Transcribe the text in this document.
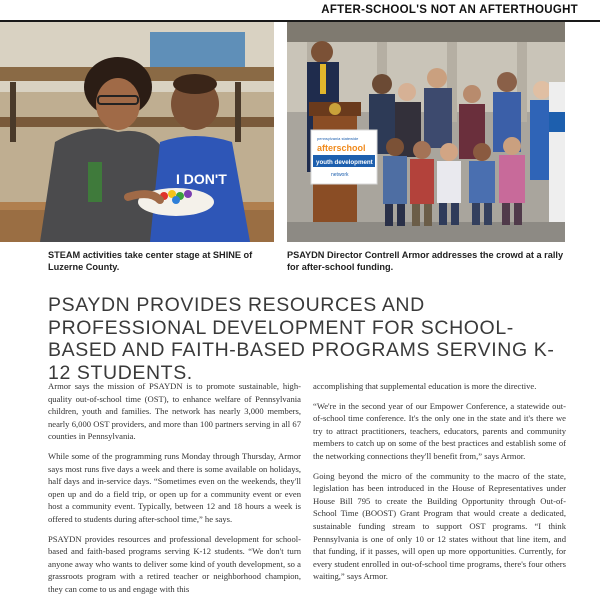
AFTER-SCHOOL'S NOT AN AFTERTHOUGHT
I DON'T
pennsylvania statewide
afterschool
youth development
network

STEAM activities take center stage at SHINE of Luzerne County.

PSAYDN Director Contrell Armor addresses the crowd at a rally for after-school funding.

PSAYDN PROVIDES RESOURCES AND PROFESSIONAL DEVELOPMENT FOR SCHOOL-BASED AND FAITH-BASED PROGRAMS SERVING K-12 STUDENTS.

Armor says the mission of PSAYDN is to promote sustainable, high-quality out-of-school time (OST), to enhance welfare of Pennsylvania children, youth and families. The network has nearly 3,000 members, nearly 6,000 OST providers, and more than 100 partners serving in all 67 counties in Pennsylvania.

While some of the programming runs Monday through Thursday, Armor says most runs five days a week and there is some available on holidays, half days and in-service days. “Sometimes even on the weekends, they'll open up and do a field trip, or open up for a community event or even host a community event. Typically, between 12 and 18 hours a week is offered to students during after-school time,” he says.

PSAYDN provides resources and professional development for school-based and faith-based programs serving K-12 students. “We don't turn anyone away who wants to deliver some kind of youth development, so a grassroots program with a retired teacher or neighborhood champion, they can come to us and engage with this

accomplishing that supplemental education is more the directive.

“We're in the second year of our Empower Conference, a statewide out-of-school time conference. It's the only one in the state and it's there we try to attract practitioners, teachers, educators, parents and community members to catch up on some of the best practices and establish some of the networking connections they'll benefit from,” says Armor.

Going beyond the micro of the community to the macro of the state, legislation has been introduced in the House of Representatives under House Bill 795 to create the Building Opportunity through Out-of-School Time (BOOST) Grant Program that would create a dedicated, sustainable funding stream to support OST programs. “I think Pennsylvania is one of only 10 or 12 states without that line item, and that funding, if it passes, will open up more opportunities. Currently, for every student enrolled in out-of-school time programs, there's four others waiting,” says Armor.
